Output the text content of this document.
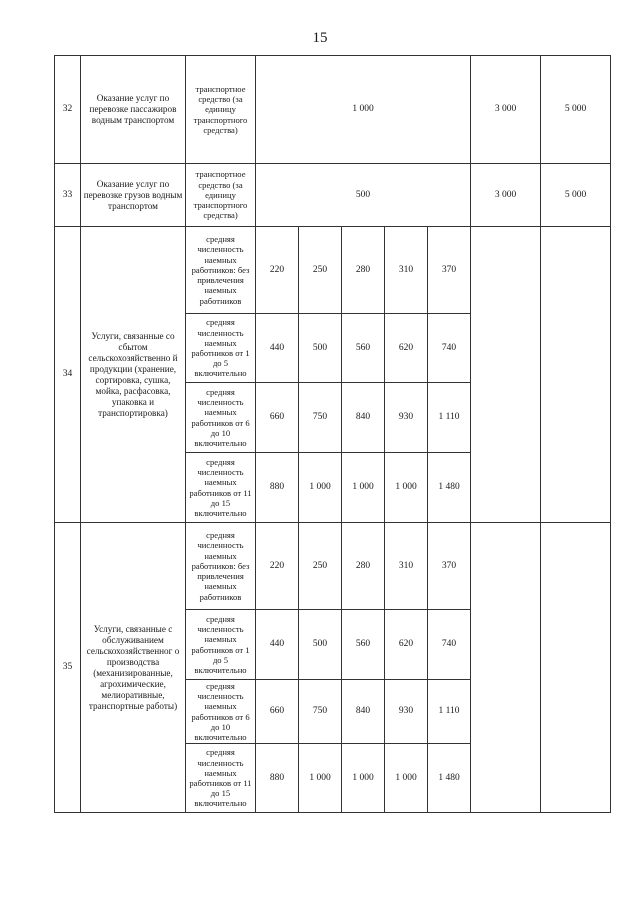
15
32	Оказание услуг по перевозке пассажиров водным транспортом	транспортное средство (за единицу транспортного средства)	1 000					3 000	5 000
33	Оказание услуг по перевозке грузов водным транспортом	транспортное средство (за единицу транспортного средства)	500					3 000	5 000
34	Услуги, связанные со сбытом сельскохозяйственно й продукции (хранение, сортировка, сушка, мойка, расфасовка, упаковка и транспортировка)	средняя численность наемных работников: без привлечения наемных работников	220	250	280	310	370		
		средняя численность наемных работников от 1 до 5 включительно	440	500	560	620	740		
		средняя численность наемных работников от 6 до 10 включительно	660	750	840	930	1 110		
		средняя численность наемных работников от 11 до 15 включительно	880	1 000	1 000	1 000	1 480		
35	Услуги, связанные с обслуживанием сельскохозяйственног о производства (механизированные, агрохимические, мелиоративные, транспортные работы)	средняя численность наемных работников: без привлечения наемных работников	220	250	280	310	370		
		средняя численность наемных работников от 1 до 5 включительно	440	500	560	620	740		
		средняя численность наемных работников от 6 до 10 включительно	660	750	840	930	1 110		
		средняя численность наемных работников от 11 до 15 включительно	880	1 000	1 000	1 000	1 480		
